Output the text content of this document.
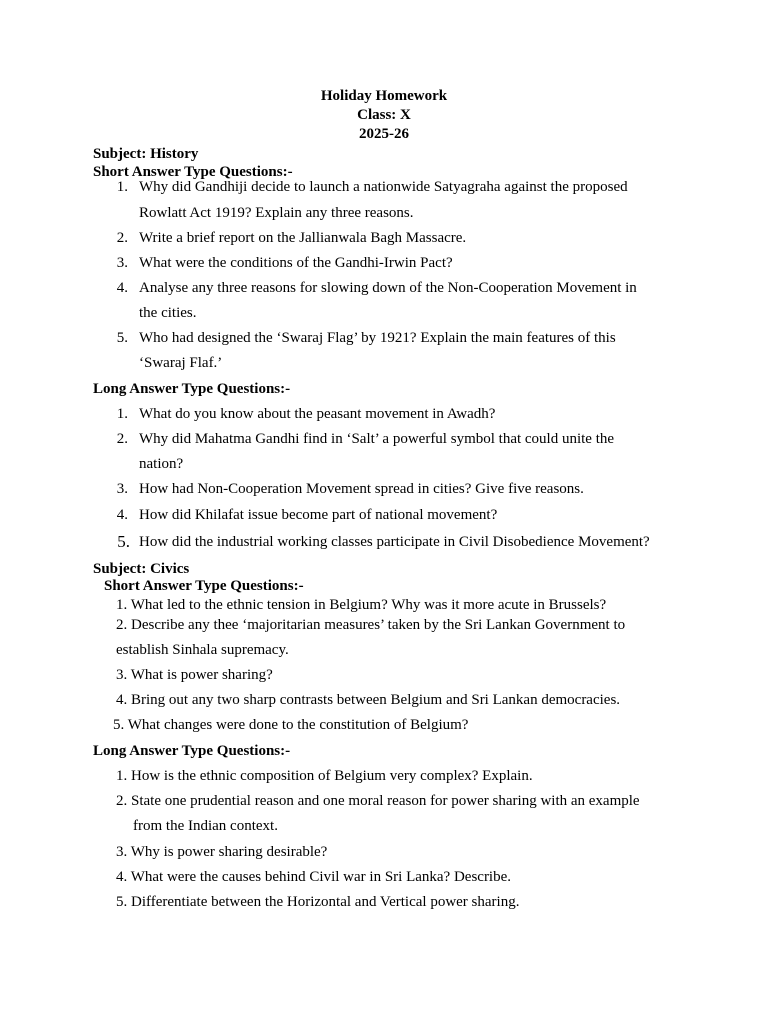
Holiday Homework
Class: X
2025-26
Subject: History
Short Answer Type Questions:-
1. Why did Gandhiji decide to launch a nationwide Satyagraha against the proposed
Rowlatt Act 1919? Explain any three reasons.
2. Write a brief report on the Jallianwala Bagh Massacre.
3. What were the conditions of the Gandhi-Irwin Pact?
4. Analyse any three reasons for slowing down of the Non-Cooperation Movement in
the cities.
5. Who had designed the ‘Swaraj Flag’ by 1921? Explain the main features of this
‘Swaraj Flaf.’
Long Answer Type Questions:-
1. What do you know about the peasant movement in Awadh?
2. Why did Mahatma Gandhi find in ‘Salt’ a powerful symbol that could unite the
nation?
3. How had Non-Cooperation Movement spread in cities? Give five reasons.
4. How did Khilafat issue become part of national movement?
5. How did the industrial working classes participate in Civil Disobedience Movement?
Subject: Civics
Short Answer Type Questions:-
1. What led to the ethnic tension in Belgium? Why was it more acute in Brussels?
2. Describe any thee ‘majoritarian measures’ taken by the Sri Lankan Government to
establish Sinhala supremacy.
3. What is power sharing?
4. Bring out any two sharp contrasts between Belgium and Sri Lankan democracies.
5. What changes were done to the constitution of Belgium?
Long Answer Type Questions:-
1. How is the ethnic composition of Belgium very complex? Explain.
2. State one prudential reason and one moral reason for power sharing with an example
from the Indian context.
3. Why is power sharing desirable?
4. What were the causes behind Civil war in Sri Lanka? Describe.
5. Differentiate between the Horizontal and Vertical power sharing.
